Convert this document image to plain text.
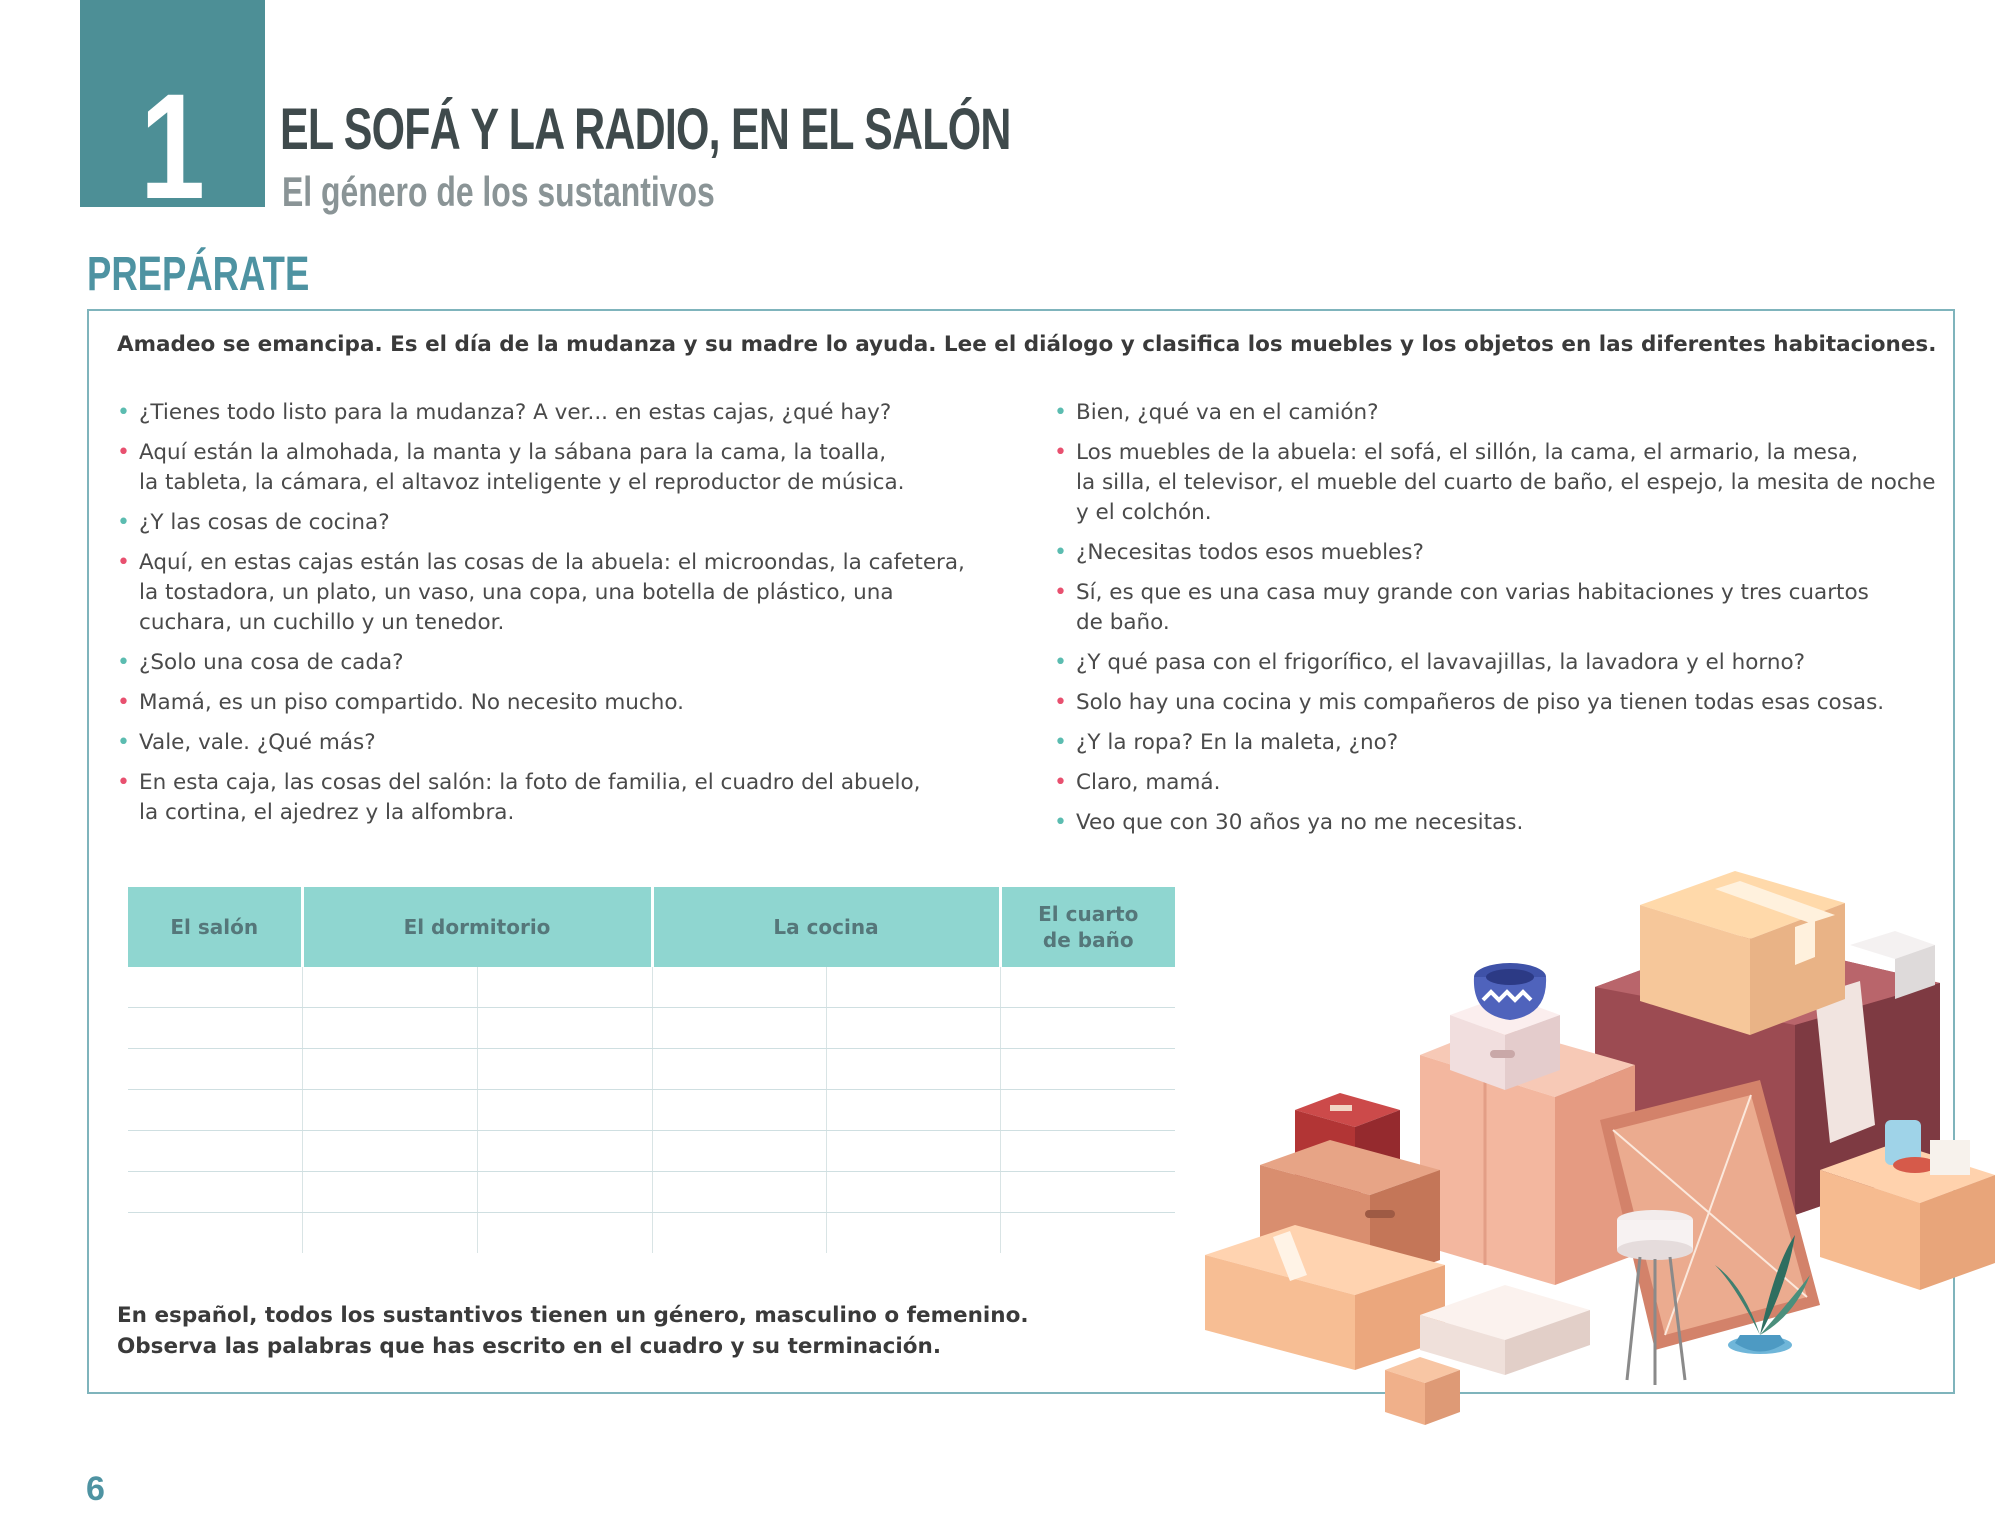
1	EL SOFÁ Y LA RADIO, EN EL SALÓN
El género de los sustantivos
PREPÁRATE

Amadeo se emancipa. Es el día de la mudanza y su madre lo ayuda. Lee el diálogo y clasifica los muebles y los objetos en las diferentes habitaciones.

• ¿Tienes todo listo para la mudanza? A ver... en estas cajas, ¿qué hay?
• Aquí están la almohada, la manta y la sábana para la cama, la toalla,
la tableta, la cámara, el altavoz inteligente y el reproductor de música.
• ¿Y las cosas de cocina?
• Aquí, en estas cajas están las cosas de la abuela: el microondas, la cafetera,
la tostadora, un plato, un vaso, una copa, una botella de plástico, una
cuchara, un cuchillo y un tenedor.
• ¿Solo una cosa de cada?
• Mamá, es un piso compartido. No necesito mucho.
• Vale, vale. ¿Qué más?
• En esta caja, las cosas del salón: la foto de familia, el cuadro del abuelo,
la cortina, el ajedrez y la alfombra.
• Bien, ¿qué va en el camión?
• Los muebles de la abuela: el sofá, el sillón, la cama, el armario, la mesa,
la silla, el televisor, el mueble del cuarto de baño, el espejo, la mesita de noche
y el colchón.
• ¿Necesitas todos esos muebles?
• Sí, es que es una casa muy grande con varias habitaciones y tres cuartos
de baño.
• ¿Y qué pasa con el frigorífico, el lavavajillas, la lavadora y el horno?
• Solo hay una cocina y mis compañeros de piso ya tienen todas esas cosas.
• ¿Y la ropa? En la maleta, ¿no?
• Claro, mamá.
• Veo que con 30 años ya no me necesitas.
El salón	El dormitorio		La cocina		El cuarto
de baño

En español, todos los sustantivos tienen un género, masculino o femenino.
Observa las palabras que has escrito en el cuadro y su terminación.

6
